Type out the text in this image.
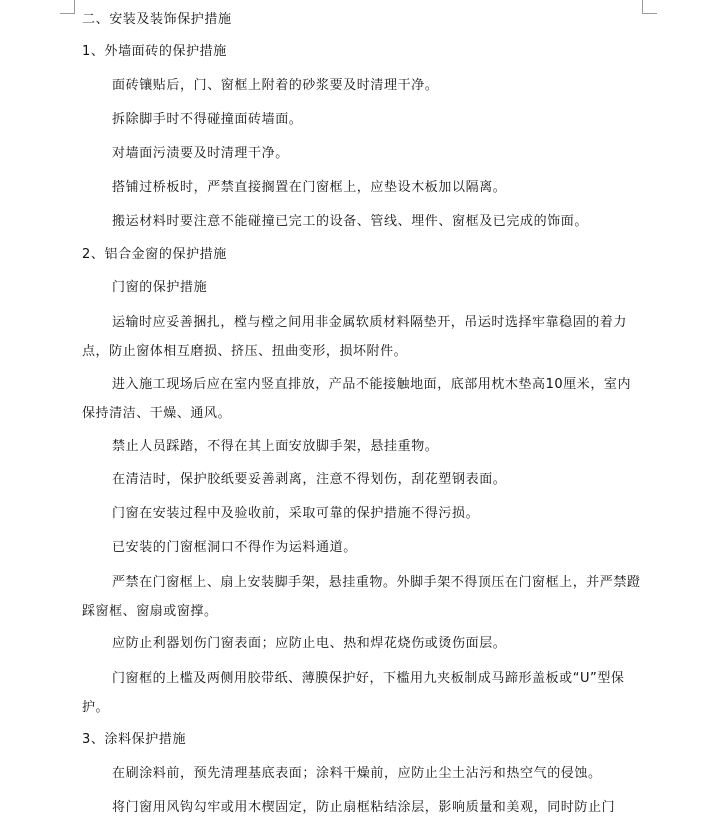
二、安装及装饰保护措施
1、外墙面砖的保护措施
面砖镶贴后，门、窗框上附着的砂浆要及时清理干净。
拆除脚手时不得碰撞面砖墙面。
对墙面污渍要及时清理干净。
搭铺过桥板时，严禁直接搁置在门窗框上，应垫设木板加以隔离。
搬运材料时要注意不能碰撞已完工的设备、管线、埋件、窗框及已完成的饰面。
2、铝合金窗的保护措施
门窗的保护措施
运输时应妥善捆扎，樘与樘之间用非金属软质材料隔垫开，吊运时选择牢靠稳固的着力点，防止窗体相互磨损、挤压、扭曲变形，损坏附件。
进入施工现场后应在室内竖直排放，产品不能接触地面，底部用枕木垫高10厘米，室内保持清洁、干燥、通风。
禁止人员踩踏，不得在其上面安放脚手架，悬挂重物。
在清洁时，保护胶纸要妥善剥离，注意不得划伤，刮花塑钢表面。
门窗在安装过程中及验收前，采取可靠的保护措施不得污损。
已安装的门窗框洞口不得作为运料通道。
严禁在门窗框上、扇上安装脚手架，悬挂重物。外脚手架不得顶压在门窗框上，并严禁蹬踩窗框、窗扇或窗撑。
应防止利器划伤门窗表面；应防止电、热和焊花烧伤或烫伤面层。
门窗框的上槛及两侧用胶带纸、薄膜保护好，下槛用九夹板制成马蹄形盖板或“U”型保护。
3、涂料保护措施
在刷涂料前，预先清理基底表面；涂料干燥前，应防止尘土沾污和热空气的侵蚀。
将门窗用风钩勾牢或用木楔固定，防止扇框粘结涂层，影响质量和美观，同时防止门
